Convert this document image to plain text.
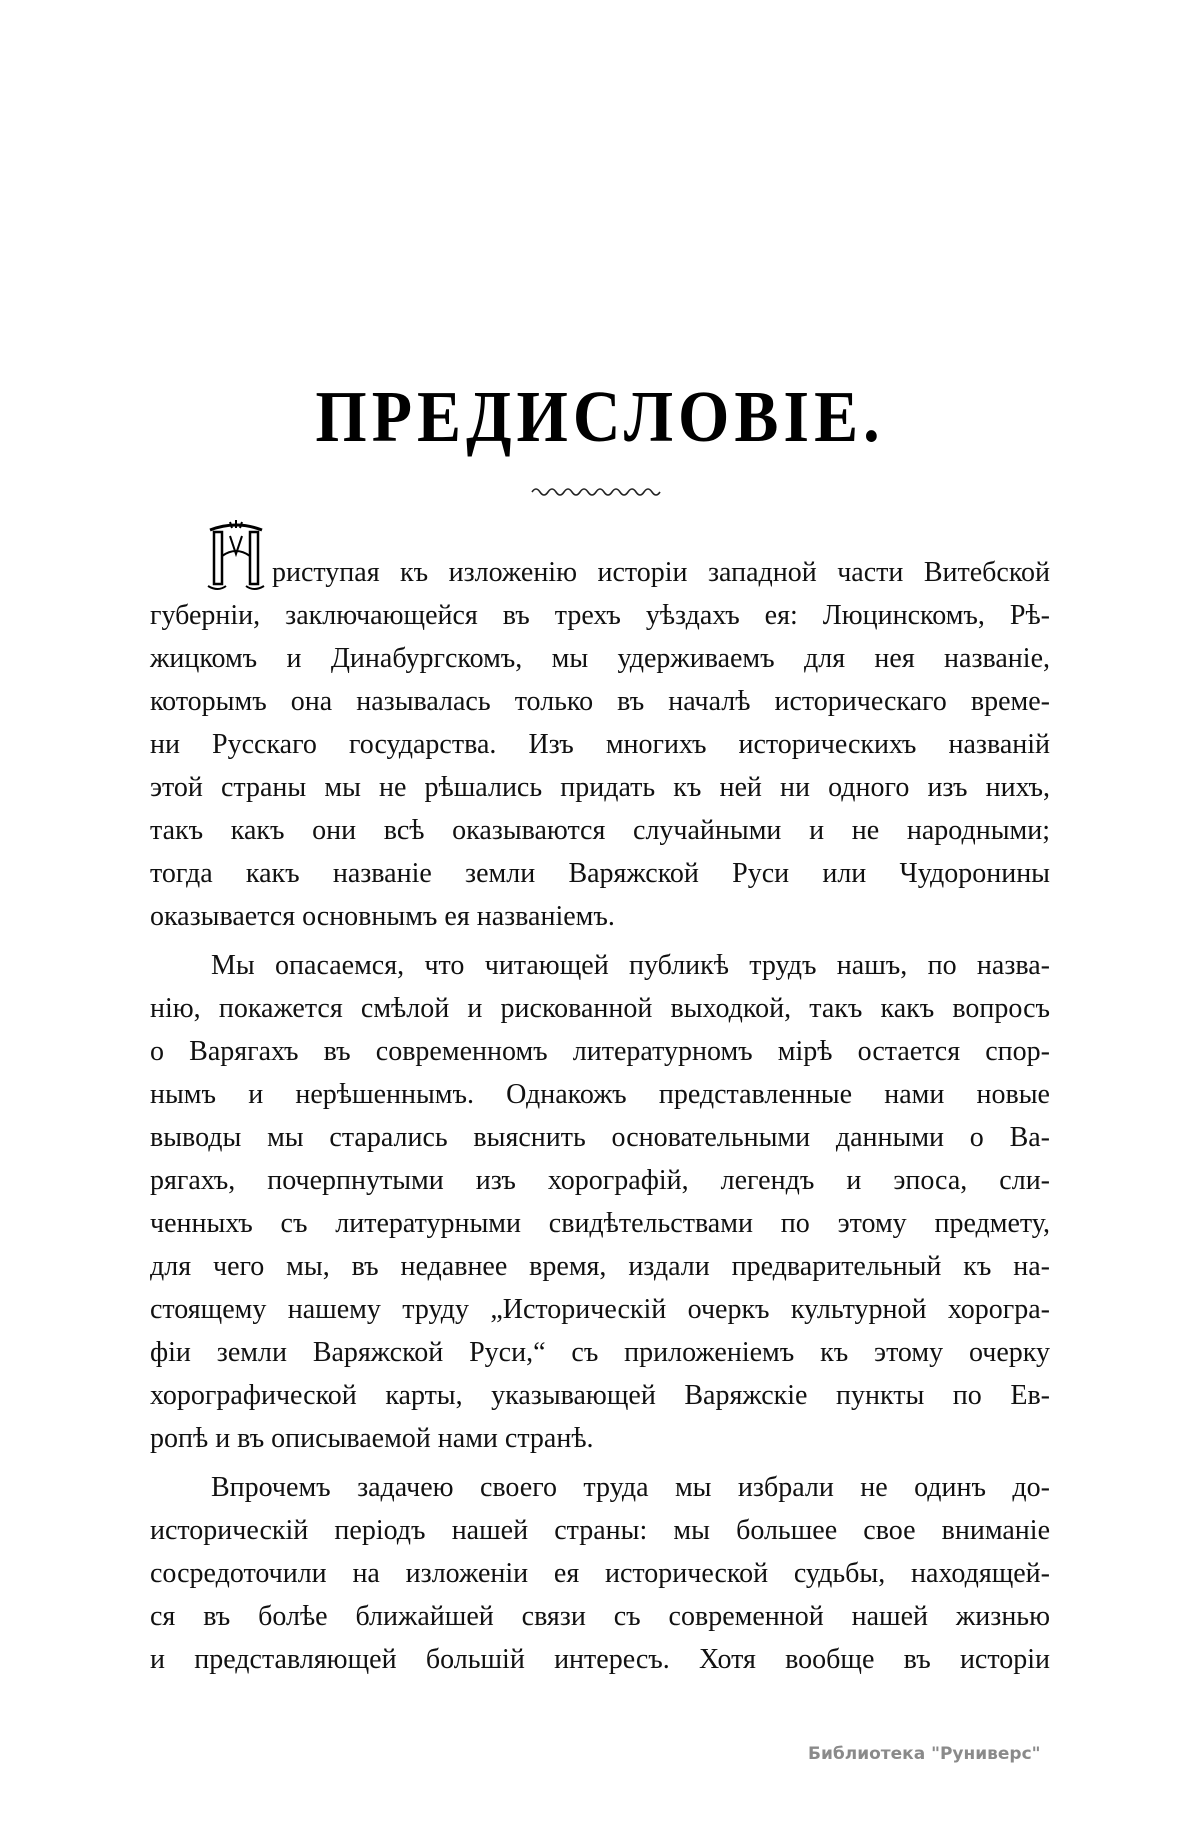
ПРЕДИСЛОВІЕ.
риступая къ изложенію исторіи западной части Витебской
губерніи, заключающейся въ трехъ уѣздахъ ея: Люцинскомъ, Рѣ-
жицкомъ и Динабургскомъ, мы удерживаемъ для нея названіе,
которымъ она называлась только въ началѣ историческаго време-
ни Русскаго государства. Изъ многихъ историческихъ названій
этой страны мы не рѣшались придать къ ней ни одного изъ нихъ,
такъ какъ они всѣ оказываются случайными и не народными;
тогда какъ названіе земли Варяжской Руси или Чудоронины
оказывается основнымъ ея названіемъ.
Мы опасаемся, что читающей публикѣ трудъ нашъ, по назва-
нію, покажется смѣлой и рискованной выходкой, такъ какъ вопросъ
о Варягахъ въ современномъ литературномъ мірѣ остается спор-
нымъ и нерѣшеннымъ. Однакожъ представленные нами новые
выводы мы старались выяснить основательными данными о Ва-
рягахъ, почерпнутыми изъ хорографій, легендъ и эпоса, сли-
ченныхъ съ литературными свидѣтельствами по этому предмету,
для чего мы, въ недавнее время, издали предварительный къ на-
стоящему нашему труду „Историческій очеркъ культурной хорогра-
фіи земли Варяжской Руси,“ съ приложеніемъ къ этому очерку
хорографической карты, указывающей Варяжскіе пункты по Ев-
ропѣ и въ описываемой нами странѣ.
Впрочемъ задачею своего труда мы избрали не одинъ до-
историческій періодъ нашей страны: мы большее свое вниманіе
сосредоточили на изложеніи ея исторической судьбы, находящей-
ся въ болѣе ближайшей связи съ современной нашей жизнью
и представляющей большій интересъ. Хотя вообще въ исторіи
Библиотека "Руниверс"
